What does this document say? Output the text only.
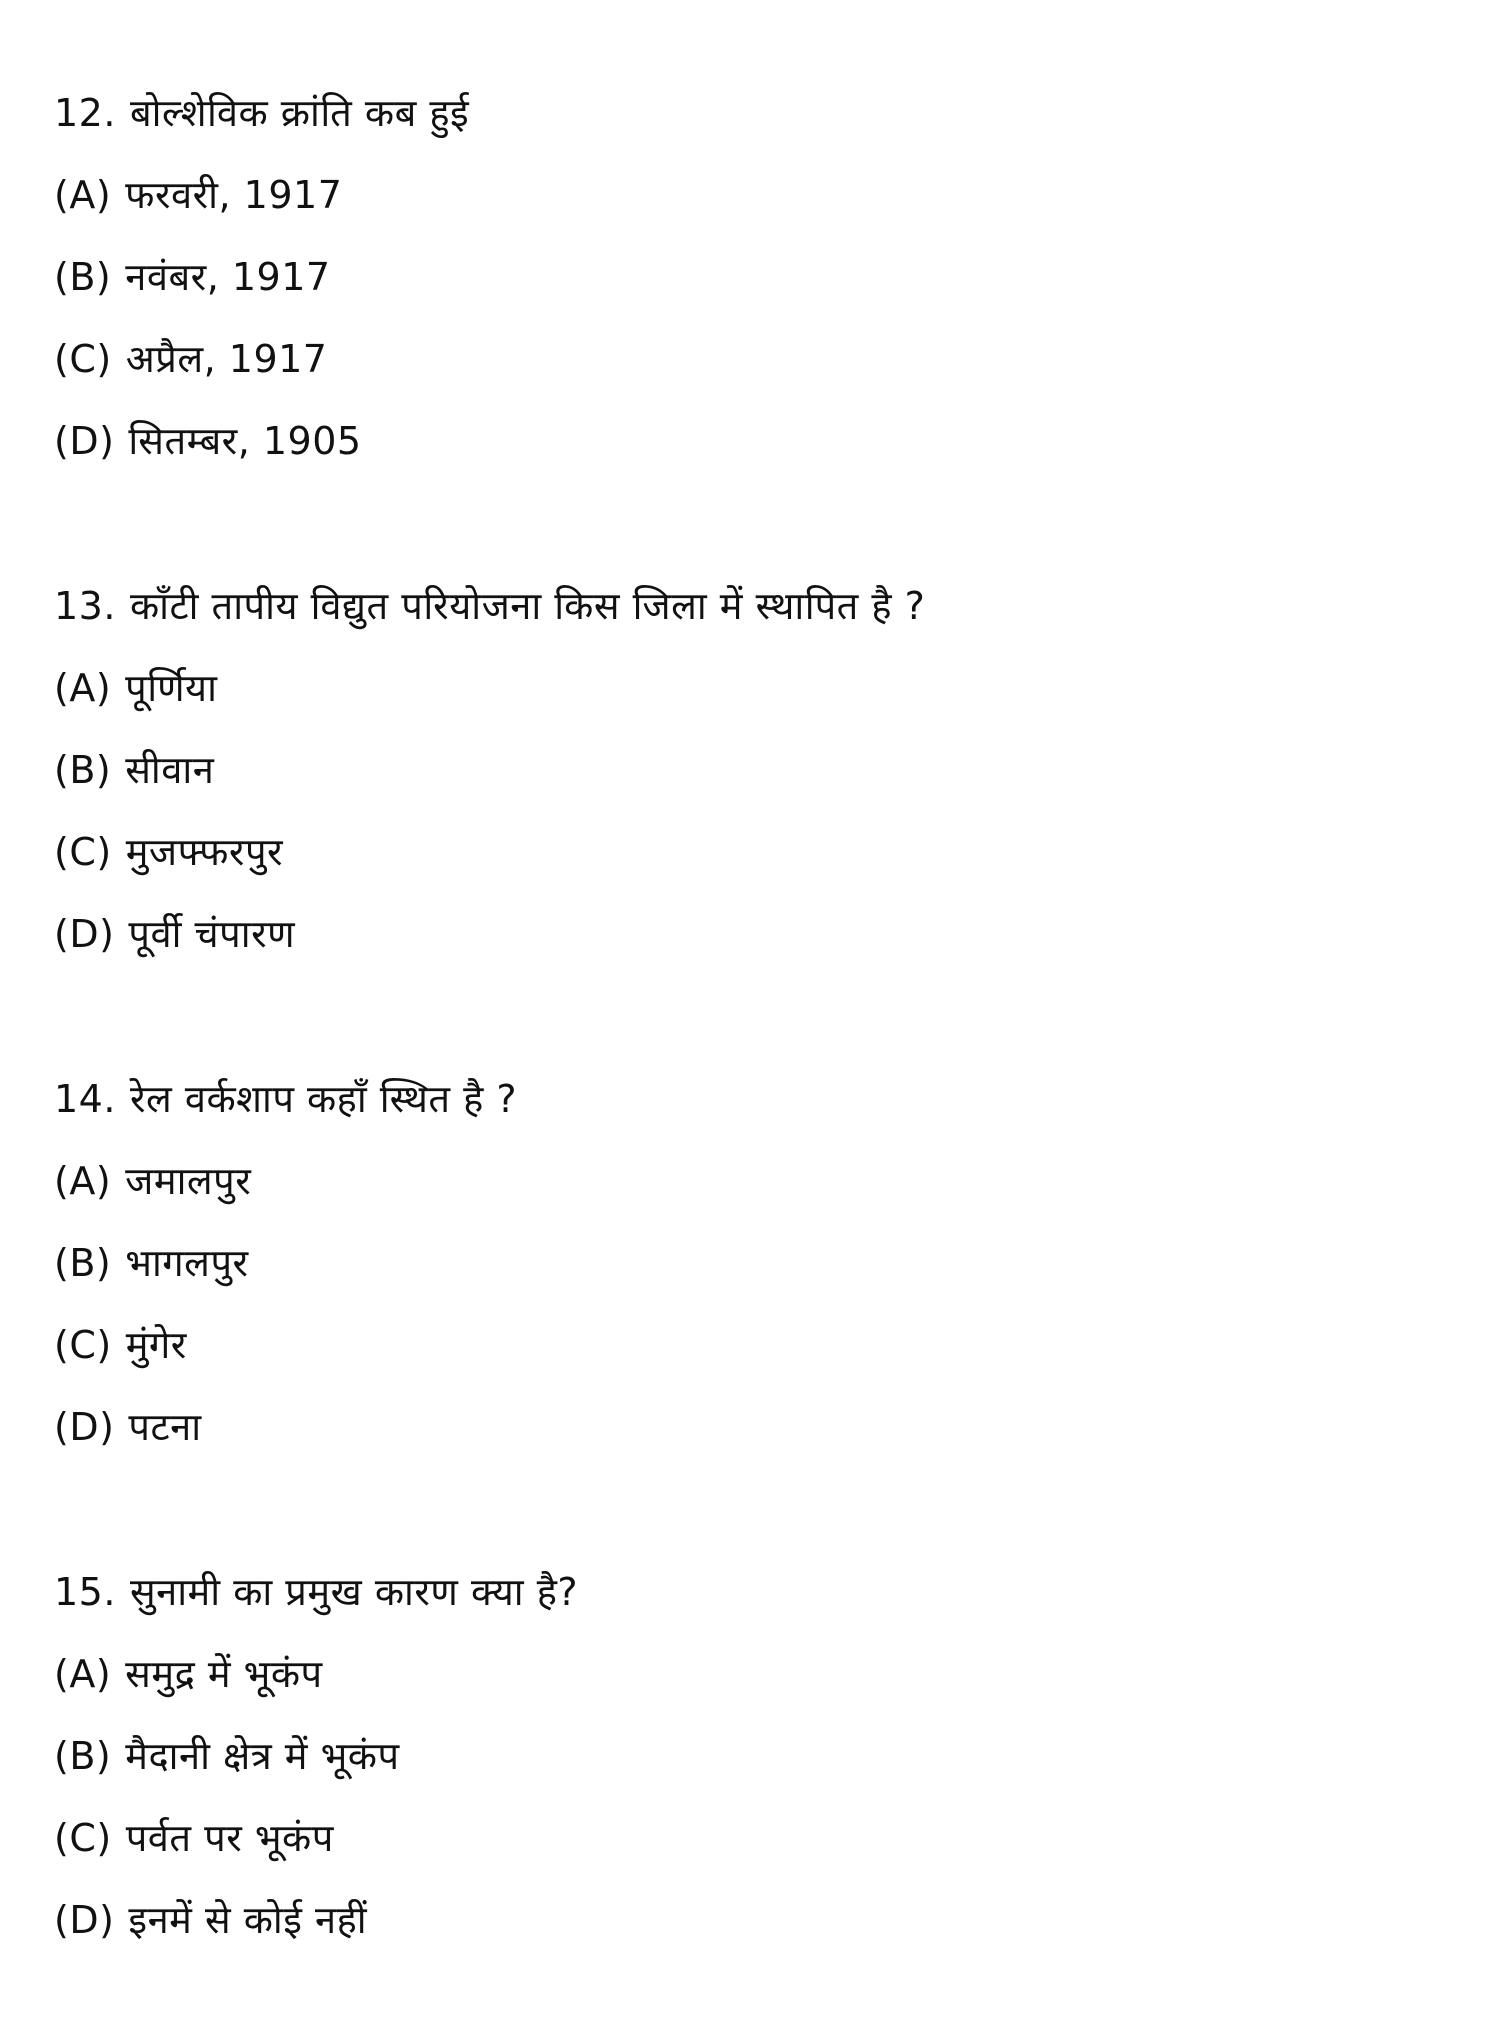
12. बोल्शेविक क्रांति कब हुई
(A) फरवरी, 1917
(B) नवंबर, 1917
(C) अप्रैल, 1917
(D) सितम्बर, 1905
13. काँटी तापीय विद्युत परियोजना किस जिला में स्थापित है ?
(A) पूर्णिया
(B) सीवान
(C) मुजफ्फरपुर
(D) पूर्वी चंपारण
14. रेल वर्कशाप कहाँ स्थित है ?
(A) जमालपुर
(B) भागलपुर
(C) मुंगेर
(D) पटना
15. सुनामी का प्रमुख कारण क्या है?
(A) समुद्र में भूकंप
(B) मैदानी क्षेत्र में भूकंप
(C) पर्वत पर भूकंप
(D) इनमें से कोई नहीं
